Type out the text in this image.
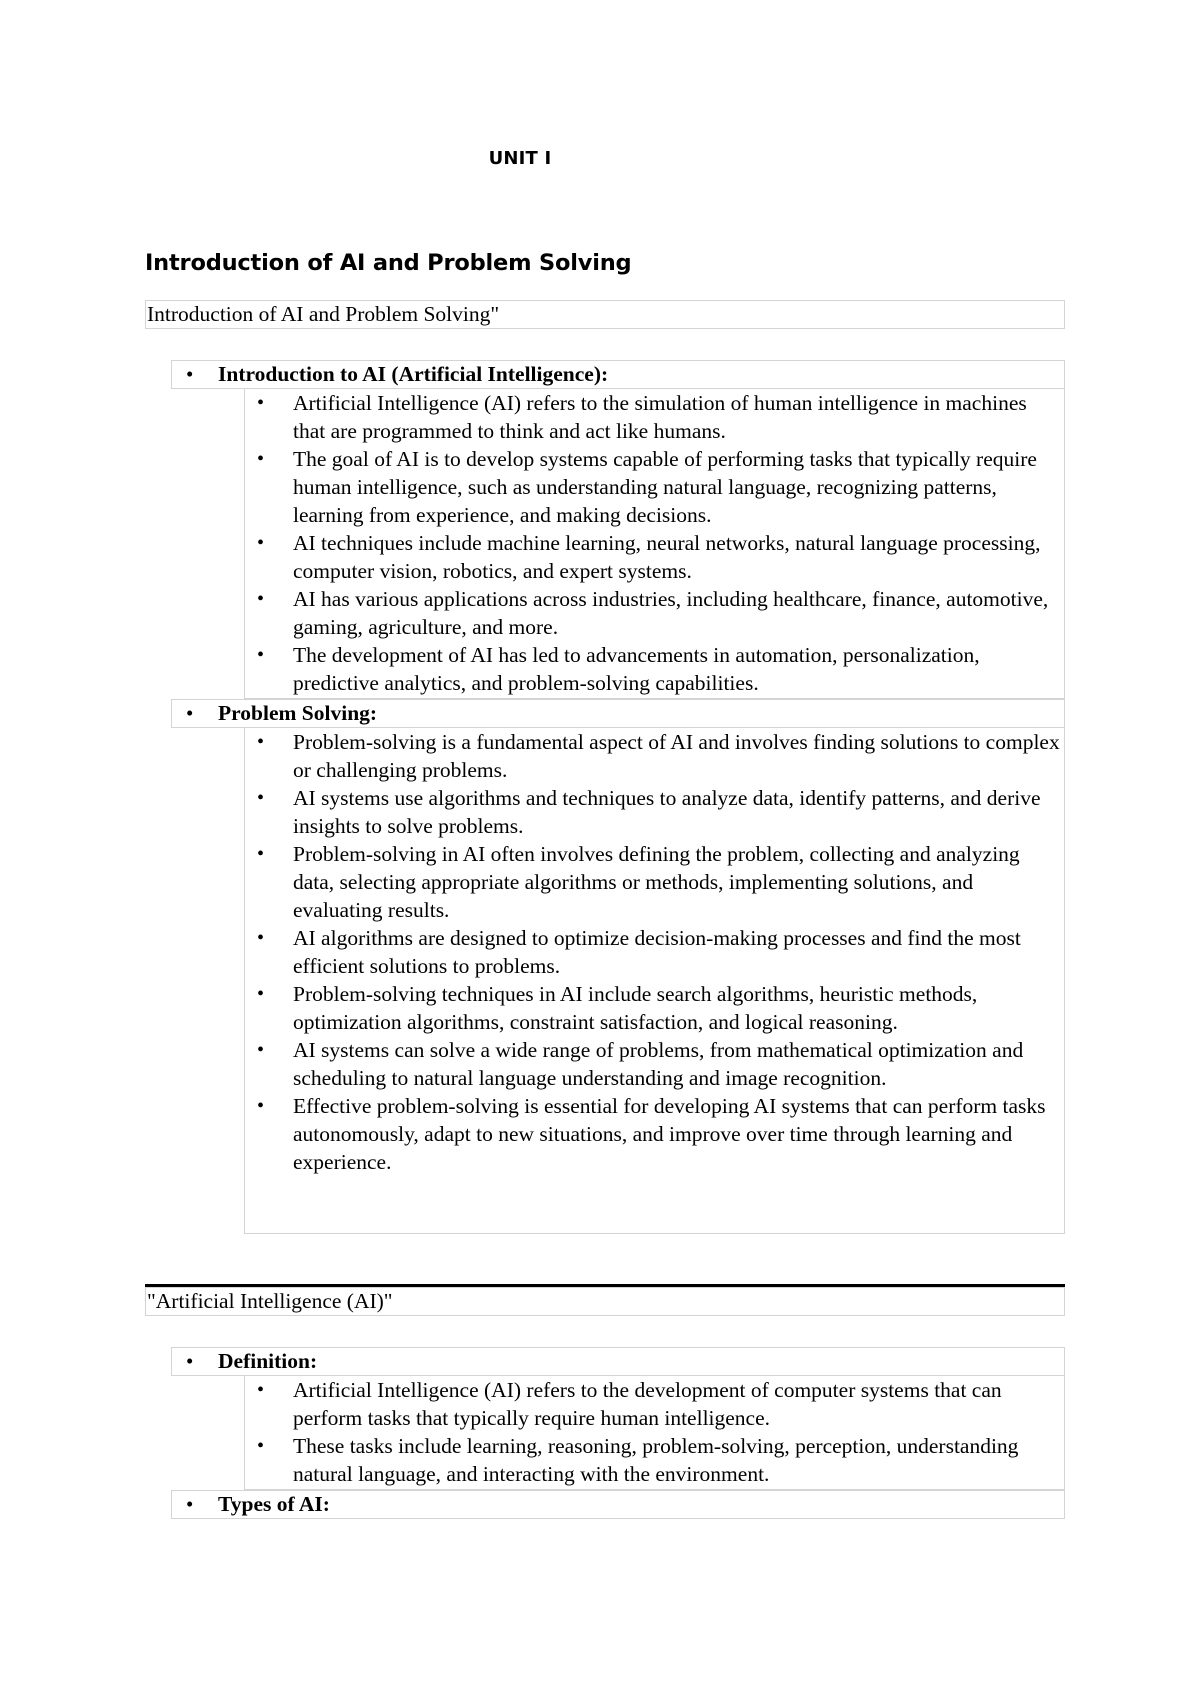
UNIT I
Introduction of AI and Problem Solving
Introduction of AI and Problem Solving"
• Introduction to AI (Artificial Intelligence):
• Artificial Intelligence (AI) refers to the simulation of human intelligence in machines that are programmed to think and act like humans.
• The goal of AI is to develop systems capable of performing tasks that typically require human intelligence, such as understanding natural language, recognizing patterns, learning from experience, and making decisions.
• AI techniques include machine learning, neural networks, natural language processing, computer vision, robotics, and expert systems.
• AI has various applications across industries, including healthcare, finance, automotive, gaming, agriculture, and more.
• The development of AI has led to advancements in automation, personalization, predictive analytics, and problem-solving capabilities.
• Problem Solving:
• Problem-solving is a fundamental aspect of AI and involves finding solutions to complex or challenging problems.
• AI systems use algorithms and techniques to analyze data, identify patterns, and derive insights to solve problems.
• Problem-solving in AI often involves defining the problem, collecting and analyzing data, selecting appropriate algorithms or methods, implementing solutions, and evaluating results.
• AI algorithms are designed to optimize decision-making processes and find the most efficient solutions to problems.
• Problem-solving techniques in AI include search algorithms, heuristic methods, optimization algorithms, constraint satisfaction, and logical reasoning.
• AI systems can solve a wide range of problems, from mathematical optimization and scheduling to natural language understanding and image recognition.
• Effective problem-solving is essential for developing AI systems that can perform tasks autonomously, adapt to new situations, and improve over time through learning and experience.
"Artificial Intelligence (AI)"
• Definition:
• Artificial Intelligence (AI) refers to the development of computer systems that can perform tasks that typically require human intelligence.
• These tasks include learning, reasoning, problem-solving, perception, understanding natural language, and interacting with the environment.
• Types of AI:
